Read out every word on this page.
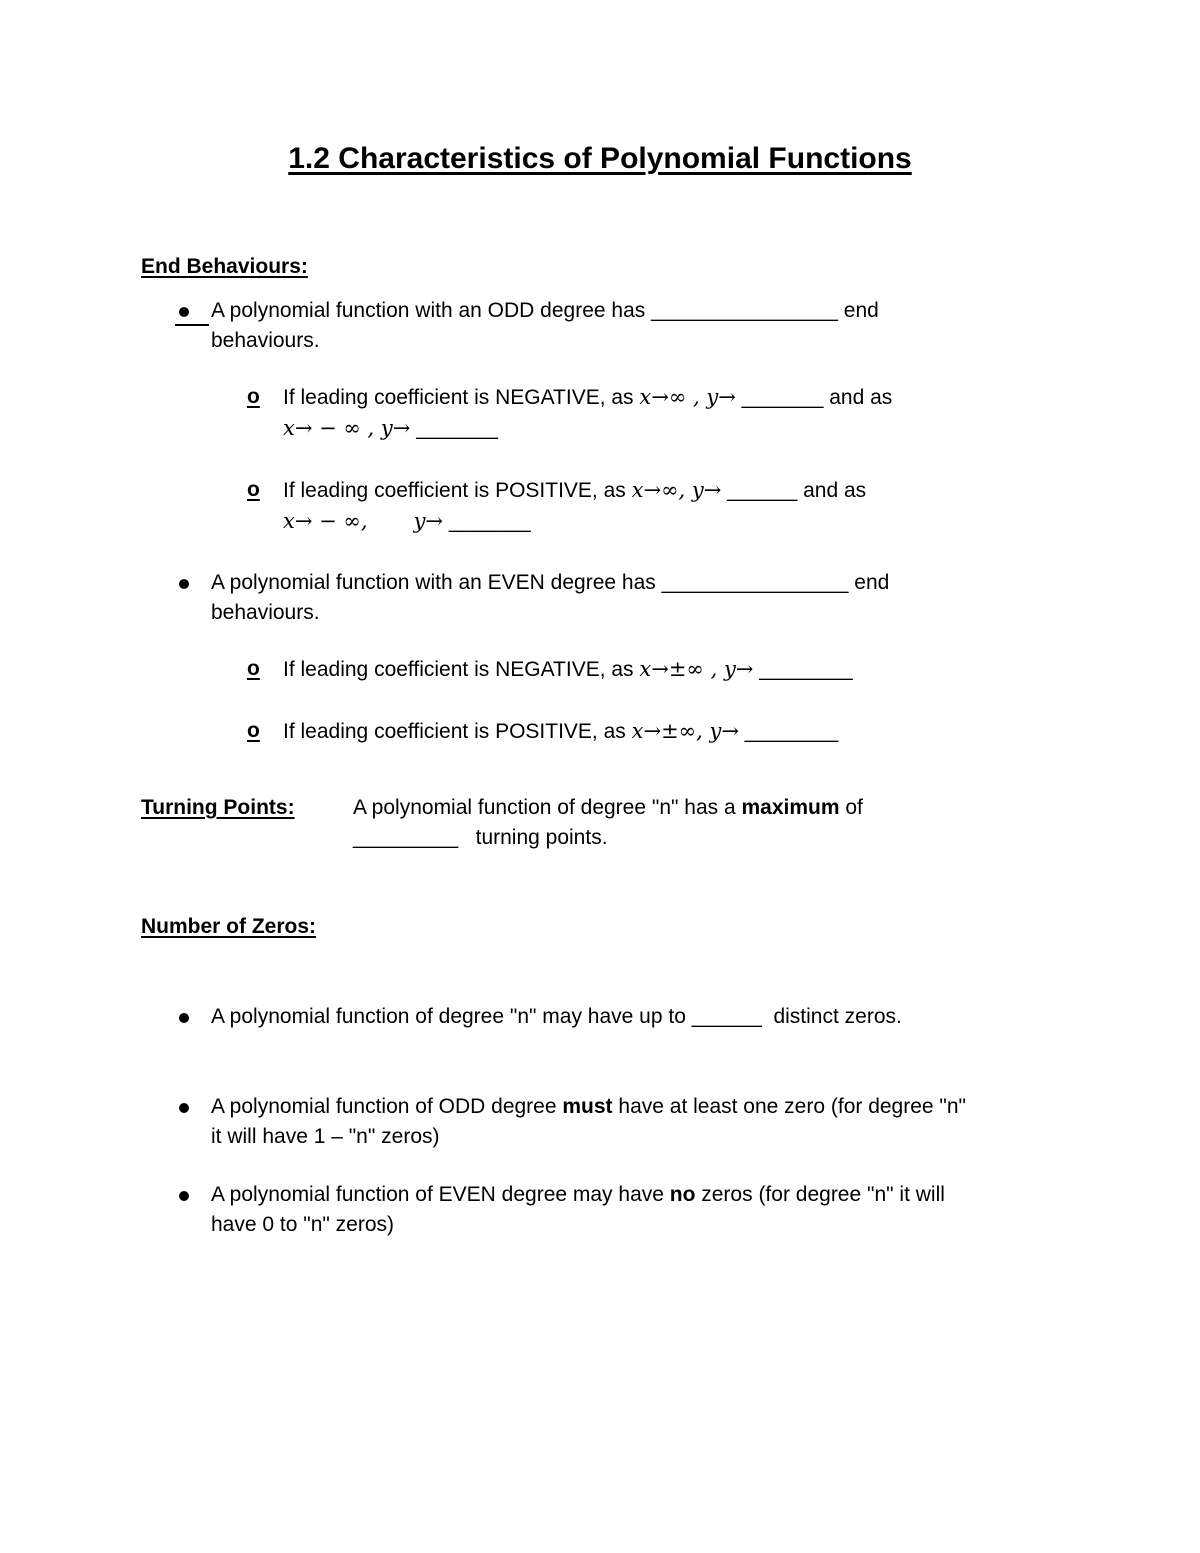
1.2 Characteristics of Polynomial Functions
End Behaviours:
A polynomial function with an ODD degree has ________________ end
behaviours.
o	If leading coefficient is NEGATIVE, as x→∞ , y→ _______ and as
x→ − ∞ , y→ _______
o	If leading coefficient is POSITIVE, as x→∞, y→ ______ and as
x→ − ∞, y→ _______
A polynomial function with an EVEN degree has ________________ end
behaviours.
o	If leading coefficient is NEGATIVE, as x→±∞ , y→ ________
o	If leading coefficient is POSITIVE, as x→±∞, y→ ________
Turning Points:	A polynomial function of degree "n" has a maximum of
_________   turning points.
Number of Zeros:
A polynomial function of degree "n" may have up to ______  distinct zeros.
A polynomial function of ODD degree must have at least one zero (for degree "n"
it will have 1 – "n" zeros)
A polynomial function of EVEN degree may have no zeros (for degree "n" it will
have 0 to "n" zeros)
